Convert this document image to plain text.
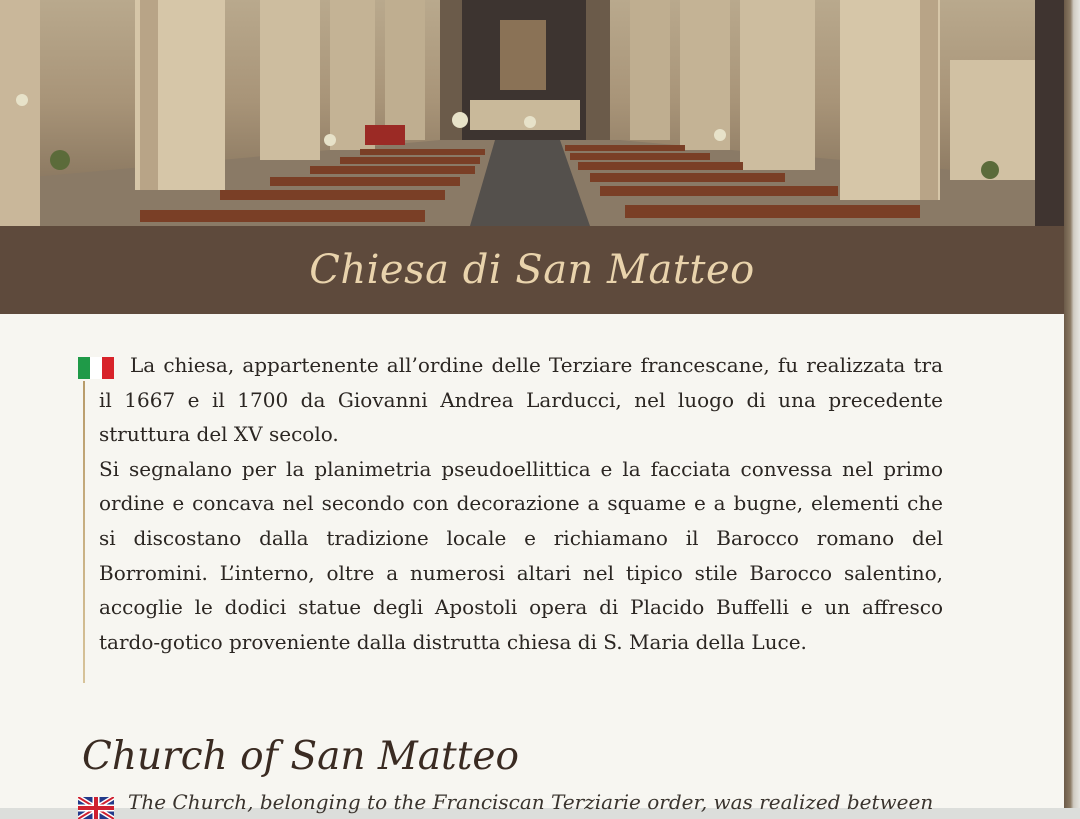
Chiesa di San Matteo

La chiesa, appartenente all’ordine delle Terziare francescane, fu realizzata tra il 1667 e il 1700 da Giovanni Andrea Larducci, nel luogo di una precedente struttura del XV secolo.

Si segnalano per la planimetria pseudoellittica e la facciata convessa nel primo ordine e concava nel secondo con decorazione a squame e a bugne, elementi che si discostano dalla tradizione locale e richiamano il Barocco romano del Borromini. L’interno, oltre a numerosi altari nel tipico stile Barocco salentino, accoglie le dodici statue degli Apostoli opera di Placido Buffelli e un affresco tardo-gotico proveniente dalla distrutta chiesa di S. Maria della Luce.

Church of San Matteo

The Church, belonging to the Franciscan Terziarie order, was realized between
